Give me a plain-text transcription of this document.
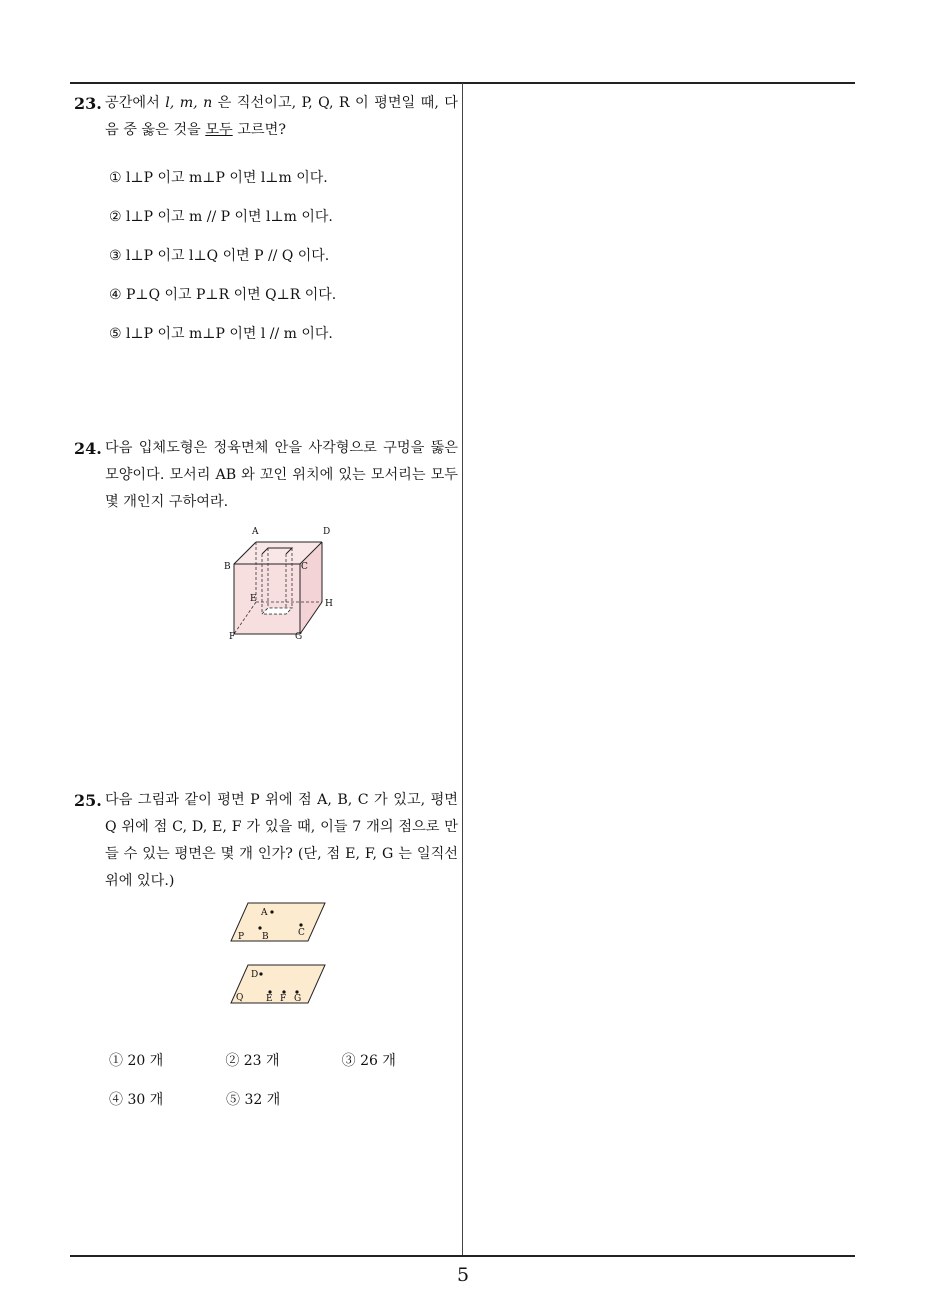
23. 공간에서 l, m, n 은 직선이고, P, Q, R 이 평면일 때, 다음 중 옳은 것을 모두 고르면?
① l⊥P 이고 m⊥P 이면 l⊥m 이다.
② l⊥P 이고 m // P 이면 l⊥m 이다.
③ l⊥P 이고 l⊥Q 이면 P // Q 이다.
④ P⊥Q 이고 P⊥R 이면 Q⊥R 이다.
⑤ l⊥P 이고 m⊥P 이면 l // m 이다.
24. 다음 입체도형은 정육면체 안을 사각형으로 구멍을 뚫은 모양이다. 모서리 AB 와 꼬인 위치에 있는 모서리는 모두 몇 개인지 구하여라.
A	D
B	C
E	H
F	G
25. 다음 그림과 같이 평면 P 위에 점 A, B, C 가 있고, 평면 Q 위에 점 C, D, E, F 가 있을 때, 이들 7 개의 점으로 만들 수 있는 평면은 몇 개 인가? (단, 점 E, F, G 는 일직선 위에 있다.)
A
P B	C
D
Q	E F G
① 20 개	② 23 개	③ 26 개
④ 30 개	⑤ 32 개
5
